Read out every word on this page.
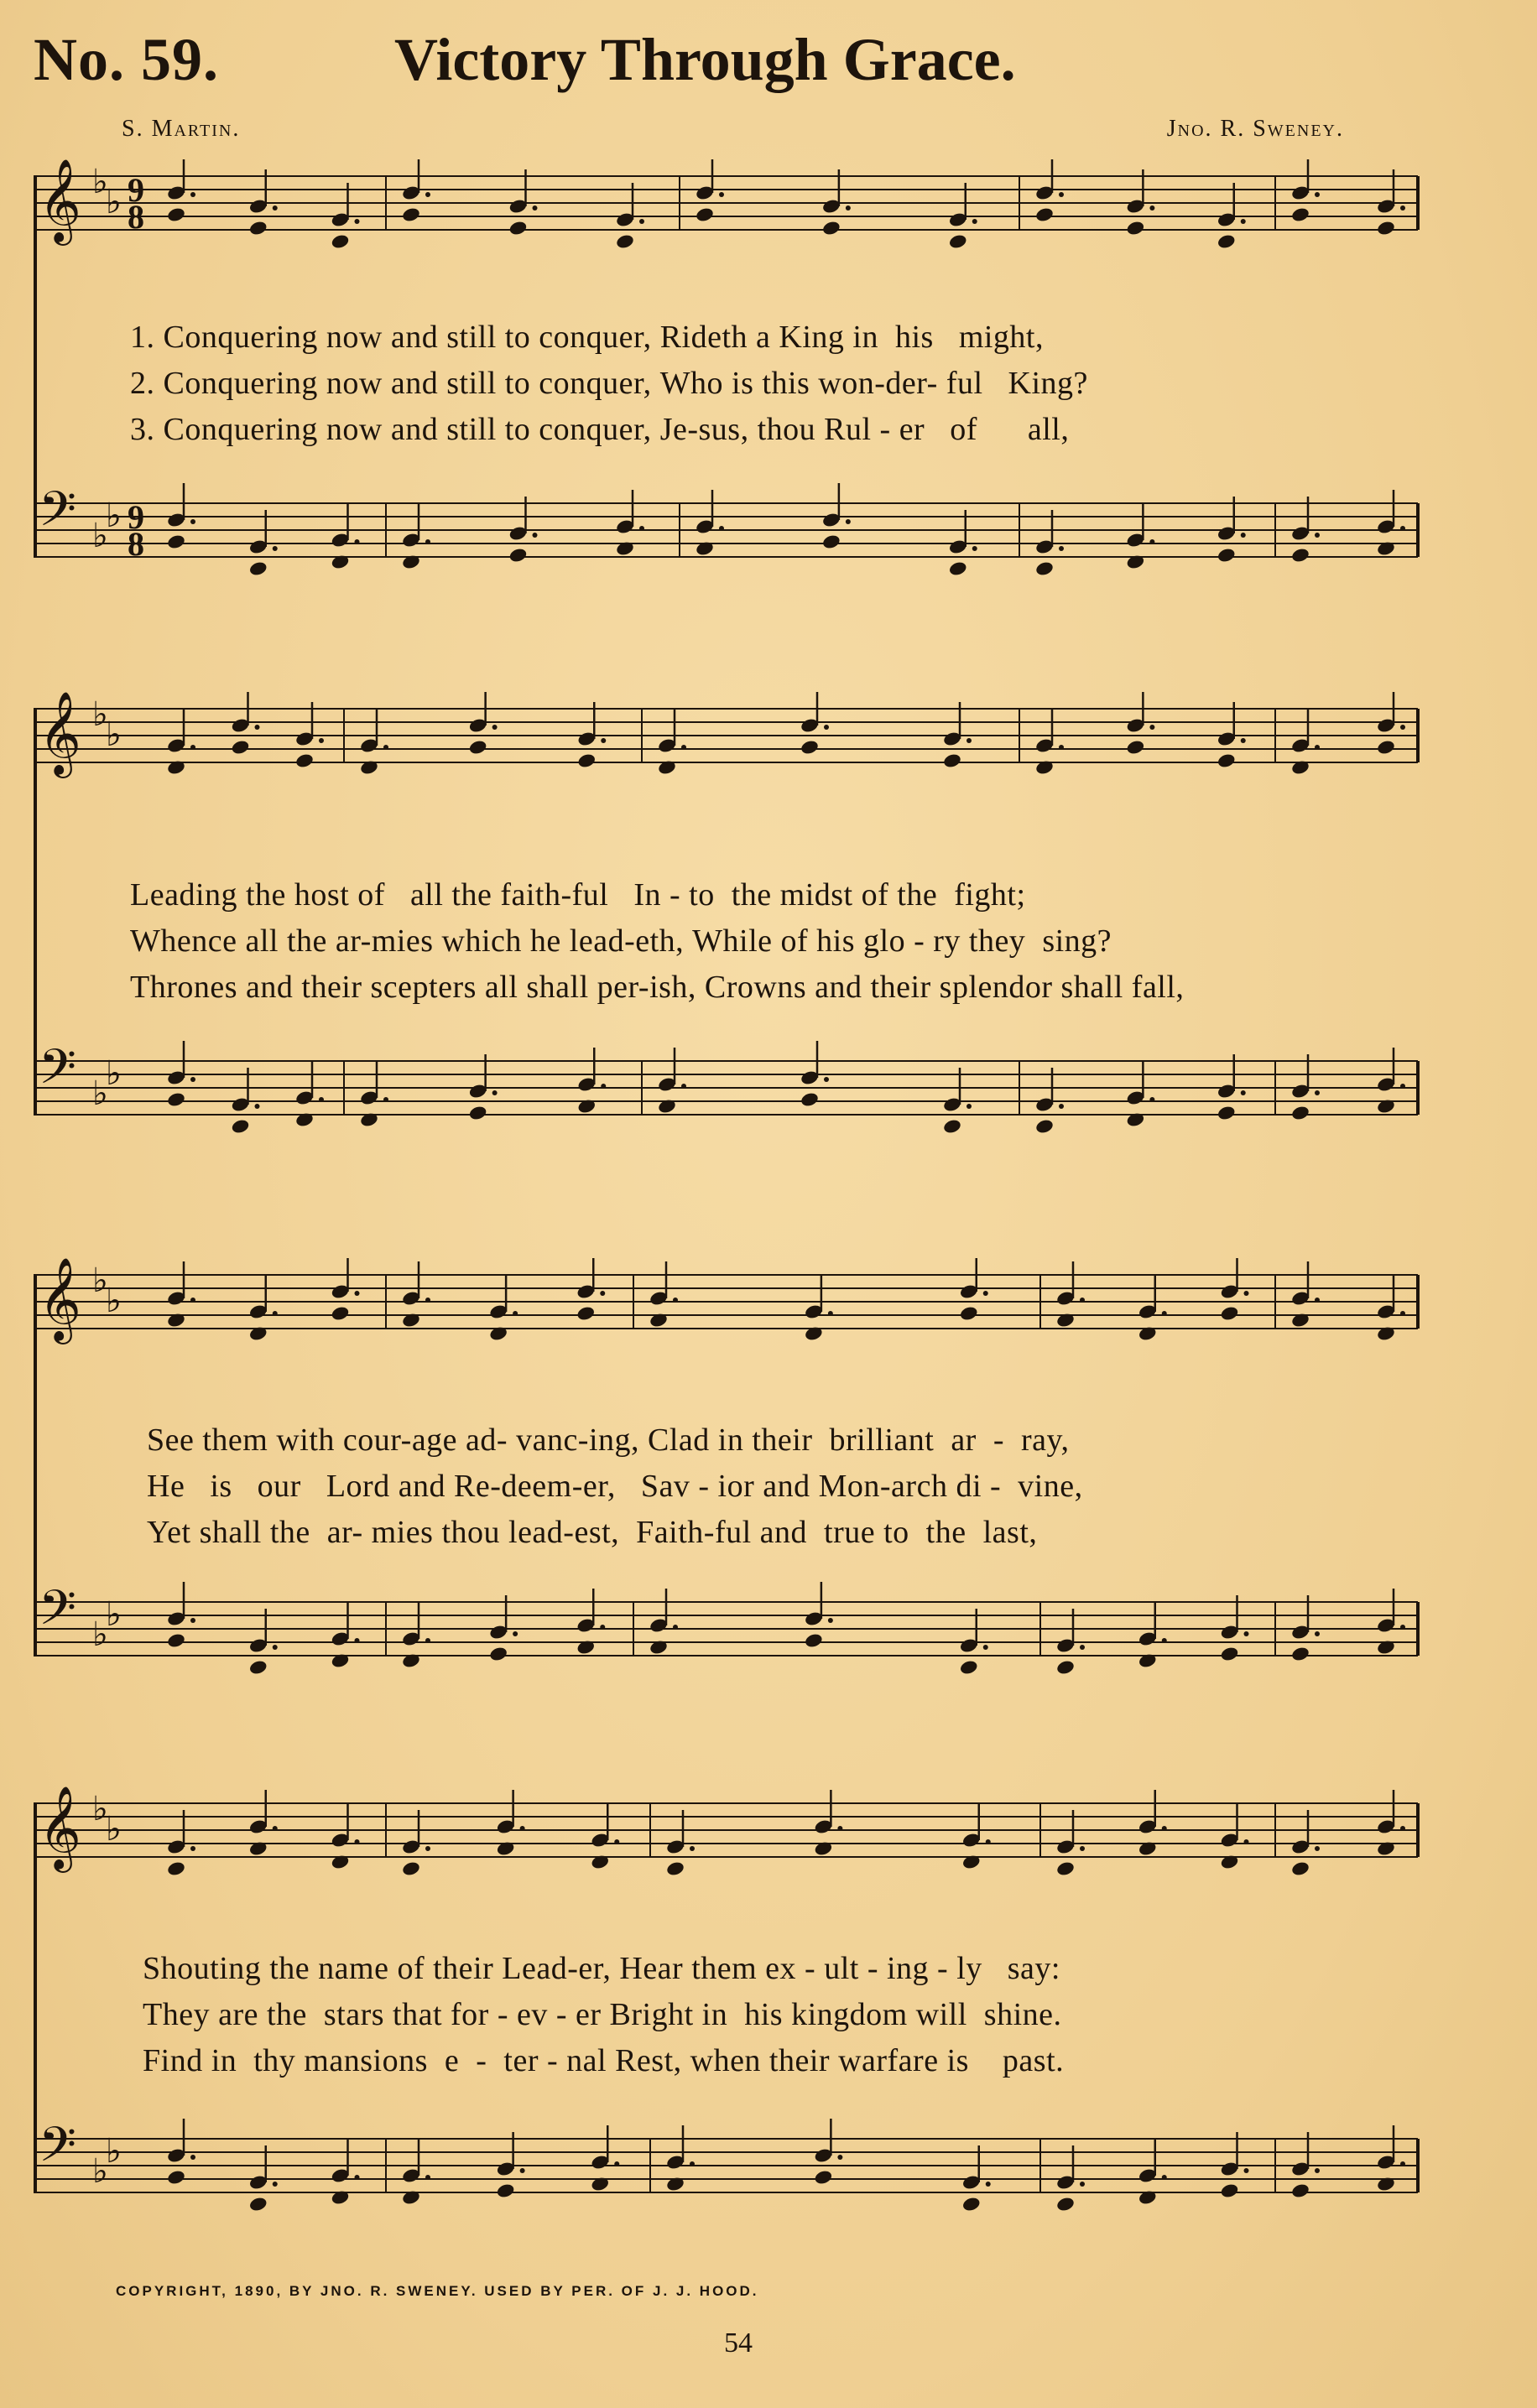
No. 59.	Victory Through Grace.
S. Martin.	Jno. R. Sweney.
𝄞 ♭
♭ 9
8
𝄢 ♭
♭ 9
8
1. Conquering now and still to conquer, Rideth a King in his might,
2. Conquering now and still to conquer, Who is this won-der- ful King?
3. Conquering now and still to conquer, Je-sus, thou Rul - er of all,
𝄞 ♭
♭
𝄢 ♭
♭
Leading the host of all the faith-ful In - to the midst of the fight;
Whence all the ar-mies which he lead-eth, While of his glo - ry they sing?
Thrones and their scepters all shall per-ish, Crowns and their splendor shall fall,
𝄞 ♭
♭
𝄢 ♭
♭
See them with cour-age ad- vanc-ing, Clad in their brilliant ar - ray,
He is our Lord and Re-deem-er, Sav - ior and Mon-arch di - vine,
Yet shall the ar- mies thou lead-est, Faith-ful and true to the last,
𝄞 ♭
♭
𝄢 ♭
♭
Shouting the name of their Lead-er, Hear them ex - ult - ing - ly say:
They are the stars that for - ev - er Bright in his kingdom will shine.
Find in thy mansions e - ter - nal Rest, when their warfare is past.
COPYRIGHT, 1890, BY JNO. R. SWENEY. USED BY PER. OF J. J. HOOD.
54
